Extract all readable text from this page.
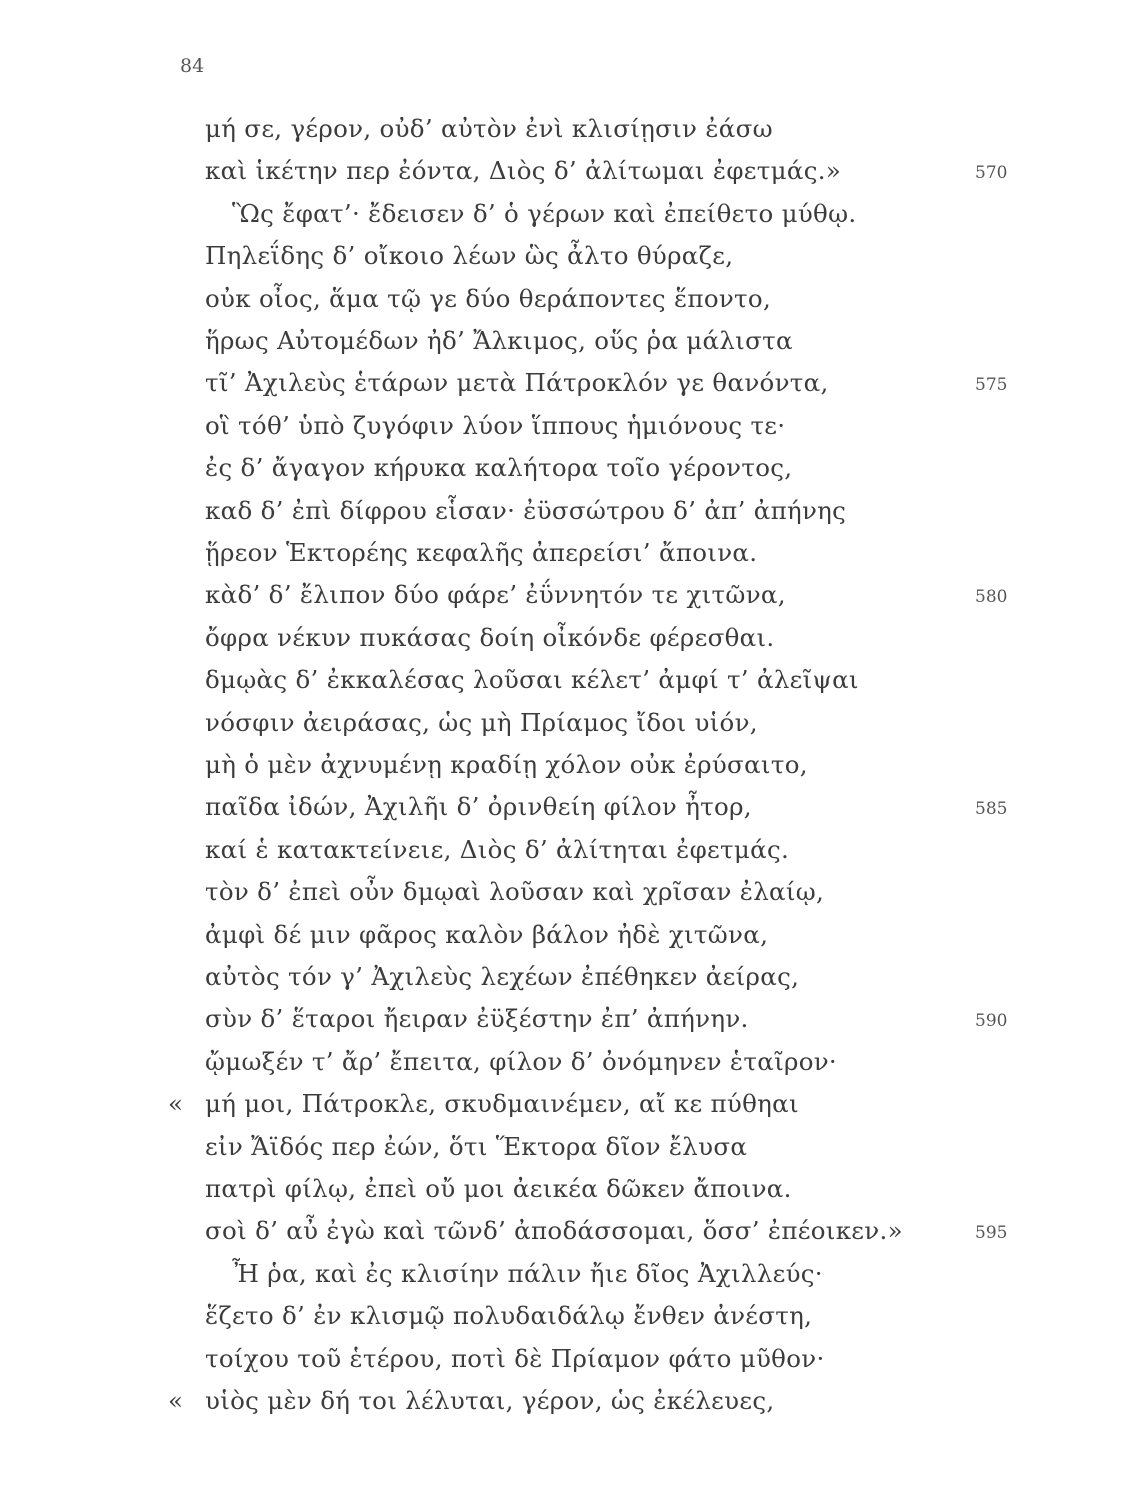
84
μή σε, γέρον, οὐδ’ αὐτὸν ἐνὶ κλισίῃσιν ἐάσω
καὶ ἱκέτην περ ἐόντα, Διὸς δ’ ἀλίτωμαι ἐφετμάς.»	570
Ὣς ἔφατ’· ἔδεισεν δ’ ὁ γέρων καὶ ἐπείθετο μύθῳ.
Πηλεΐδης δ’ οἴκοιο λέων ὣς ἆλτο θύραζε,
οὐκ οἶος, ἅμα τῷ γε δύο θεράποντες ἕποντο,
ἥρως Αὐτομέδων ἠδ’ Ἄλκιμος, οὕς ῥα μάλιστα
τῖ’ Ἀχιλεὺς ἑτάρων μετὰ Πάτροκλόν γε θανόντα,	575
οἳ τόθ’ ὑπὸ ζυγόφιν λύον ἵππους ἡμιόνους τε·
ἐς δ’ ἄγαγον κήρυκα καλήτορα τοῖο γέροντος,
καδ δ’ ἐπὶ δίφρου εἷσαν· ἐϋσσώτρου δ’ ἀπ’ ἀπήνης
ᾕρεον Ἑκτορέης κεφαλῆς ἀπερείσι’ ἄποινα.
κὰδ’ δ’ ἔλιπον δύο φάρε’ ἐΰννητόν τε χιτῶνα,	580
ὄφρα νέκυν πυκάσας δοίη οἶκόνδε φέρεσθαι.
δμῳὰς δ’ ἐκκαλέσας λοῦσαι κέλετ’ ἀμφί τ’ ἀλεῖψαι
νόσφιν ἀειράσας, ὡς μὴ Πρίαμος ἴδοι υἱόν,
μὴ ὁ μὲν ἀχνυμένῃ κραδίῃ χόλον οὐκ ἐρύσαιτο,
παῖδα ἰδών, Ἀχιλῆι δ’ ὀρινθείη φίλον ἦτορ,	585
καί ἑ κατακτείνειε, Διὸς δ’ ἀλίτηται ἐφετμάς.
τὸν δ’ ἐπεὶ οὖν δμῳαὶ λοῦσαν καὶ χρῖσαν ἐλαίῳ,
ἀμφὶ δέ μιν φᾶρος καλὸν βάλον ἠδὲ χιτῶνα,
αὐτὸς τόν γ’ Ἀχιλεὺς λεχέων ἐπέθηκεν ἀείρας,
σὺν δ’ ἕταροι ἤειραν ἐϋξέστην ἐπ’ ἀπήνην.	590
ᾤμωξέν τ’ ἄρ’ ἔπειτα, φίλον δ’ ὀνόμηνεν ἑταῖρον·
« μή μοι, Πάτροκλε, σκυδμαινέμεν, αἴ κε πύθηαι
εἰν Ἄϊδός περ ἐών, ὅτι Ἕκτορα δῖον ἔλυσα
πατρὶ φίλῳ, ἐπεὶ οὔ μοι ἀεικέα δῶκεν ἄποινα.
σοὶ δ’ αὖ ἐγὼ καὶ τῶνδ’ ἀποδάσσομαι, ὅσσ’ ἐπέοικεν.»	595
Ἦ ῥα, καὶ ἐς κλισίην πάλιν ἤιε δῖος Ἀχιλλεύς·
ἕζετο δ’ ἐν κλισμῷ πολυδαιδάλῳ ἔνθεν ἀνέστη,
τοίχου τοῦ ἑτέρου, ποτὶ δὲ Πρίαμον φάτο μῦθον·
« υἱὸς μὲν δή τοι λέλυται, γέρον, ὡς ἐκέλευες,
